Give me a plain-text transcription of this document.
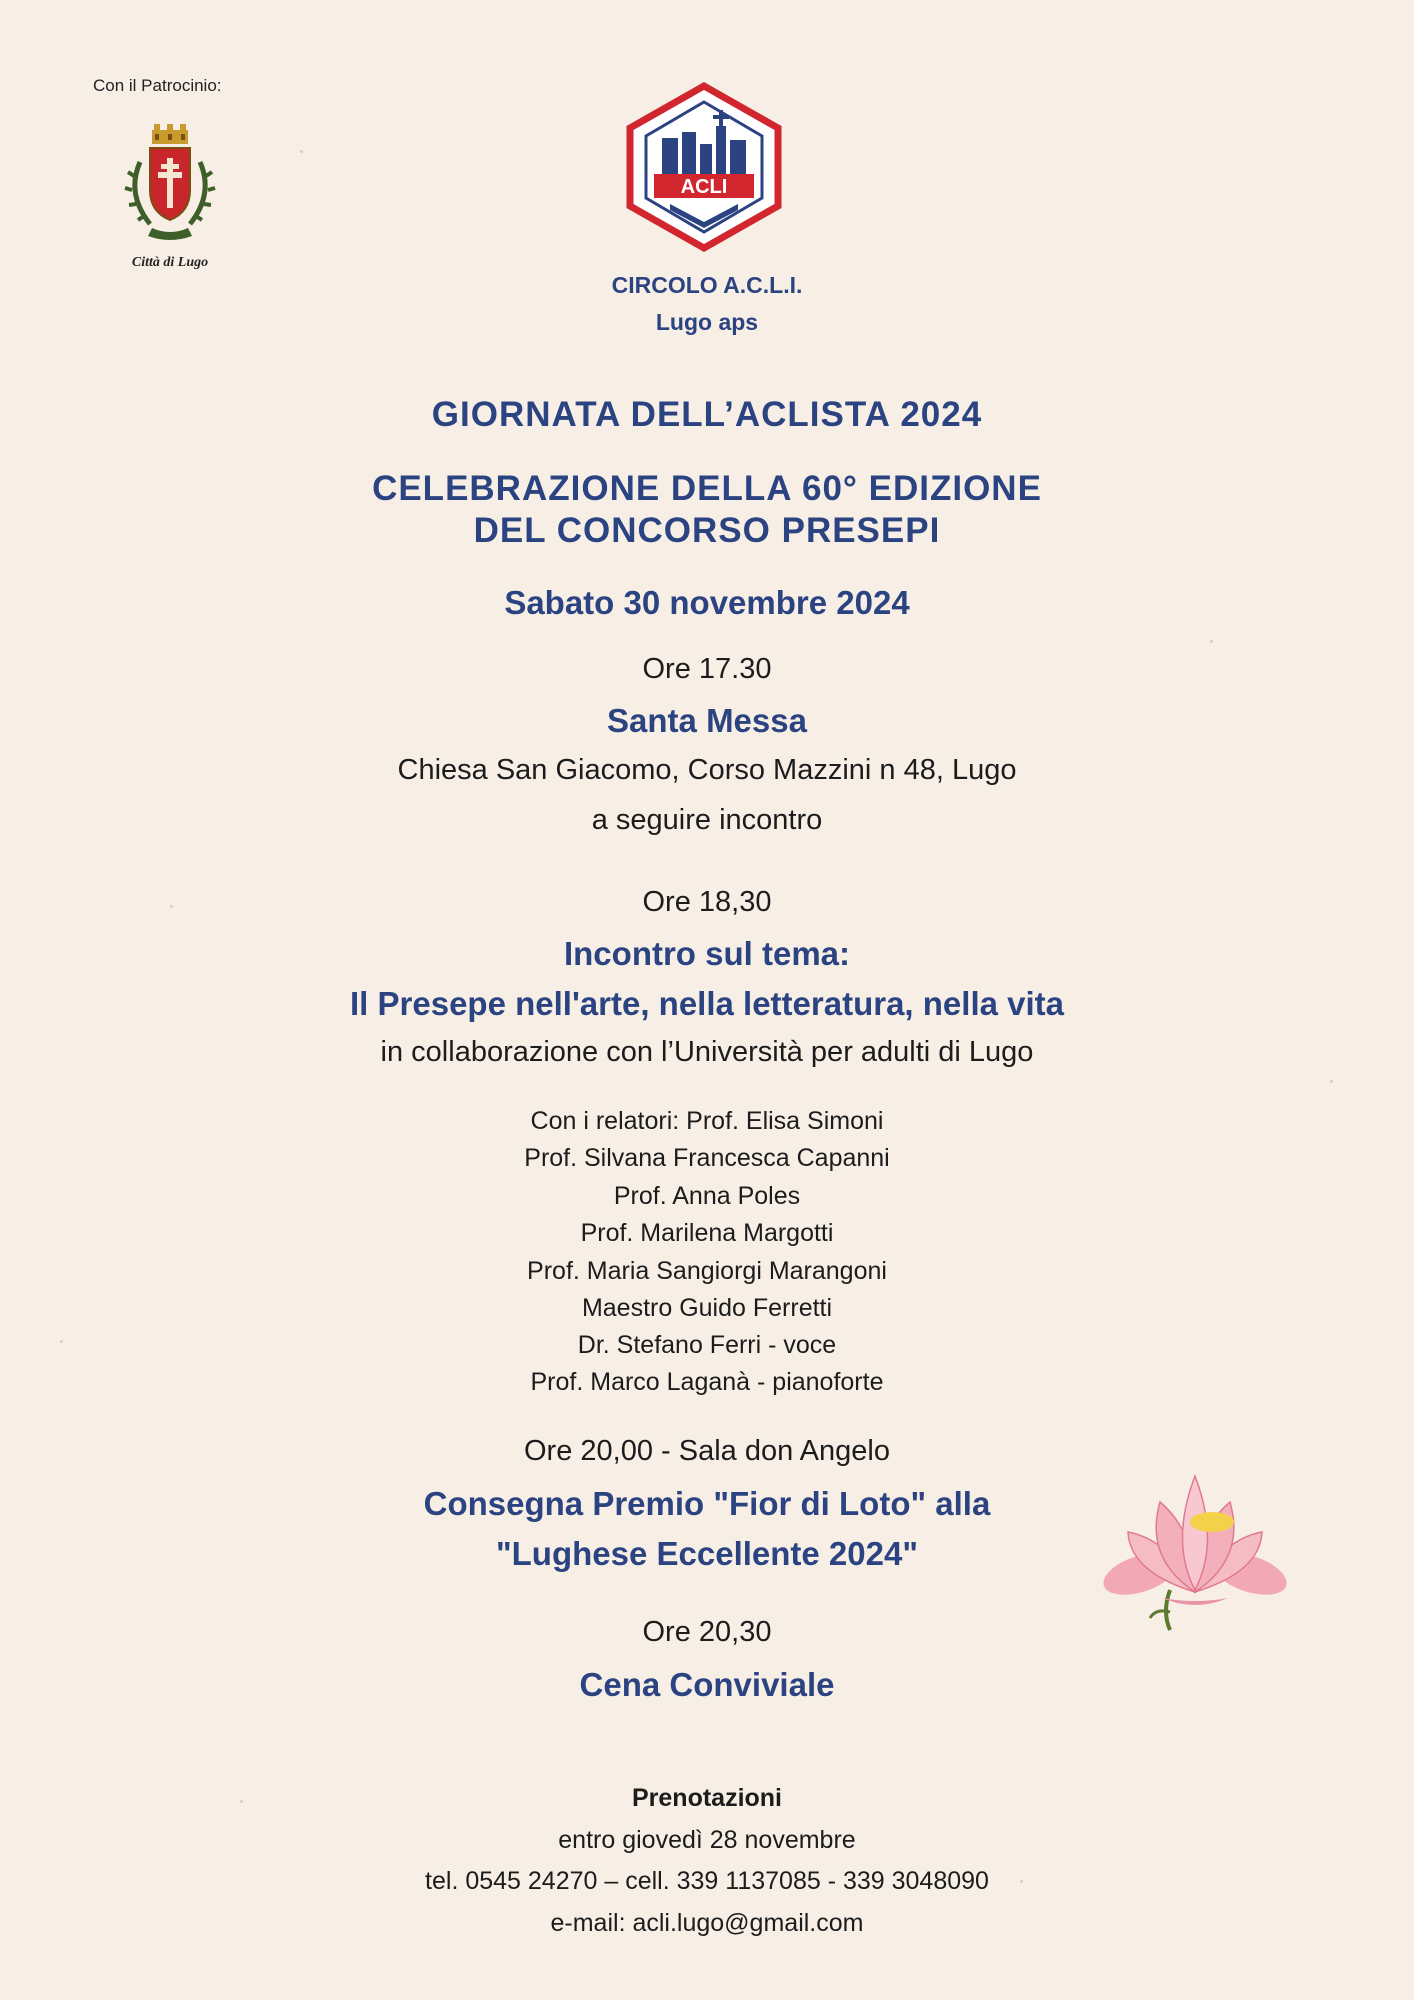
Con il Patrocinio:
Città di Lugo
ACLI
CIRCOLO A.C.L.I.
Lugo aps
GIORNATA DELL’ACLISTA 2024
CELEBRAZIONE DELLA 60° EDIZIONE
DEL CONCORSO PRESEPI
Sabato 30 novembre 2024
Ore 17.30
Santa Messa
Chiesa San Giacomo, Corso Mazzini n 48, Lugo
a seguire incontro
Ore 18,30
Incontro sul tema:
Il Presepe nell'arte, nella letteratura, nella vita
in collaborazione con l’Università per adulti di Lugo
Con i relatori: Prof. Elisa Simoni
Prof. Silvana Francesca Capanni
Prof. Anna Poles
Prof. Marilena Margotti
Prof. Maria Sangiorgi Marangoni
Maestro Guido Ferretti
Dr. Stefano Ferri - voce
Prof. Marco Laganà - pianoforte
Ore 20,00 - Sala don Angelo
Consegna Premio "Fior di Loto" alla
"Lughese Eccellente 2024"
Ore 20,30
Cena Conviviale
Prenotazioni
entro giovedì 28 novembre
tel. 0545 24270 – cell. 339 1137085 - 339 3048090
e-mail: acli.lugo@gmail.com
